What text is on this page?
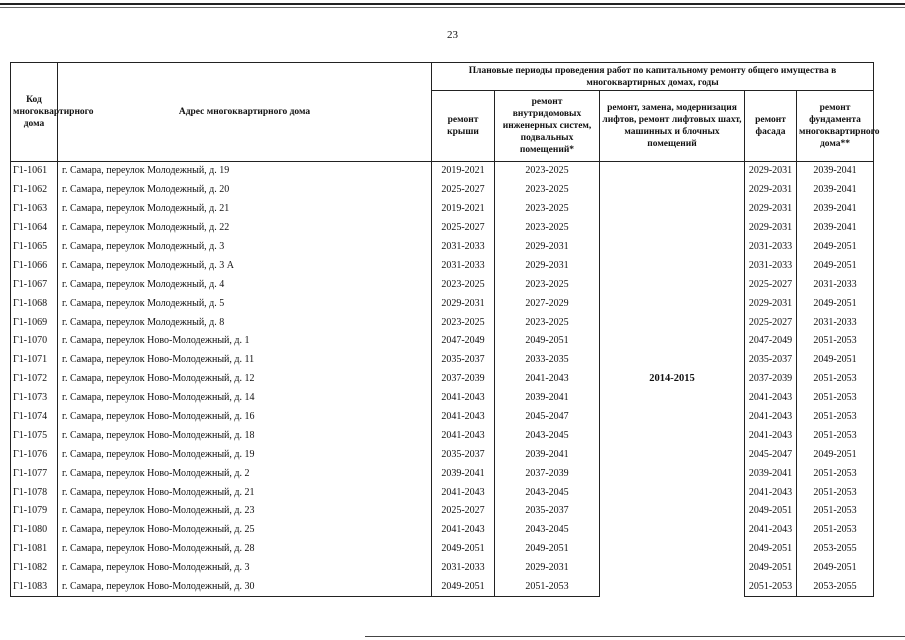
23
Код многоквартирного дома	Адрес многоквартирного дома	Плановые периоды проведения работ по капитальному ремонту общего имущества в многоквартирных домах, годы				
		ремонт крыши	ремонт внутридомовых инженерных систем, подвальных помещений*	ремонт, замена, модернизация лифтов, ремонт лифтовых шахт, машинных и блочных помещений	ремонт фасада	ремонт фундамента многоквартирного дома**
Г1-1061	г. Самара, переулок Молодежный, д. 19	2019-2021	2023-2025	2014-2015	2029-2031	2039-2041
Г1-1062	г. Самара, переулок Молодежный, д. 20	2025-2027	2023-2025		2029-2031	2039-2041
Г1-1063	г. Самара, переулок Молодежный, д. 21	2019-2021	2023-2025		2029-2031	2039-2041
Г1-1064	г. Самара, переулок Молодежный, д. 22	2025-2027	2023-2025		2029-2031	2039-2041
Г1-1065	г. Самара, переулок Молодежный, д. 3	2031-2033	2029-2031		2031-2033	2049-2051
Г1-1066	г. Самара, переулок Молодежный, д. 3 А	2031-2033	2029-2031		2031-2033	2049-2051
Г1-1067	г. Самара, переулок Молодежный, д. 4	2023-2025	2023-2025		2025-2027	2031-2033
Г1-1068	г. Самара, переулок Молодежный, д. 5	2029-2031	2027-2029		2029-2031	2049-2051
Г1-1069	г. Самара, переулок Молодежный, д. 8	2023-2025	2023-2025		2025-2027	2031-2033
Г1-1070	г. Самара, переулок Ново-Молодежный, д. 1	2047-2049	2049-2051		2047-2049	2051-2053
Г1-1071	г. Самара, переулок Ново-Молодежный, д. 11	2035-2037	2033-2035		2035-2037	2049-2051
Г1-1072	г. Самара, переулок Ново-Молодежный, д. 12	2037-2039	2041-2043		2037-2039	2051-2053
Г1-1073	г. Самара, переулок Ново-Молодежный, д. 14	2041-2043	2039-2041		2041-2043	2051-2053
Г1-1074	г. Самара, переулок Ново-Молодежный, д. 16	2041-2043	2045-2047		2041-2043	2051-2053
Г1-1075	г. Самара, переулок Ново-Молодежный, д. 18	2041-2043	2043-2045		2041-2043	2051-2053
Г1-1076	г. Самара, переулок Ново-Молодежный, д. 19	2035-2037	2039-2041		2045-2047	2049-2051
Г1-1077	г. Самара, переулок Ново-Молодежный, д. 2	2039-2041	2037-2039		2039-2041	2051-2053
Г1-1078	г. Самара, переулок Ново-Молодежный, д. 21	2041-2043	2043-2045		2041-2043	2051-2053
Г1-1079	г. Самара, переулок Ново-Молодежный, д. 23	2025-2027	2035-2037		2049-2051	2051-2053
Г1-1080	г. Самара, переулок Ново-Молодежный, д. 25	2041-2043	2043-2045		2041-2043	2051-2053
Г1-1081	г. Самара, переулок Ново-Молодежный, д. 28	2049-2051	2049-2051		2049-2051	2053-2055
Г1-1082	г. Самара, переулок Ново-Молодежный, д. 3	2031-2033	2029-2031		2049-2051	2049-2051
Г1-1083	г. Самара, переулок Ново-Молодежный, д. 30	2049-2051	2051-2053		2051-2053	2053-2055
